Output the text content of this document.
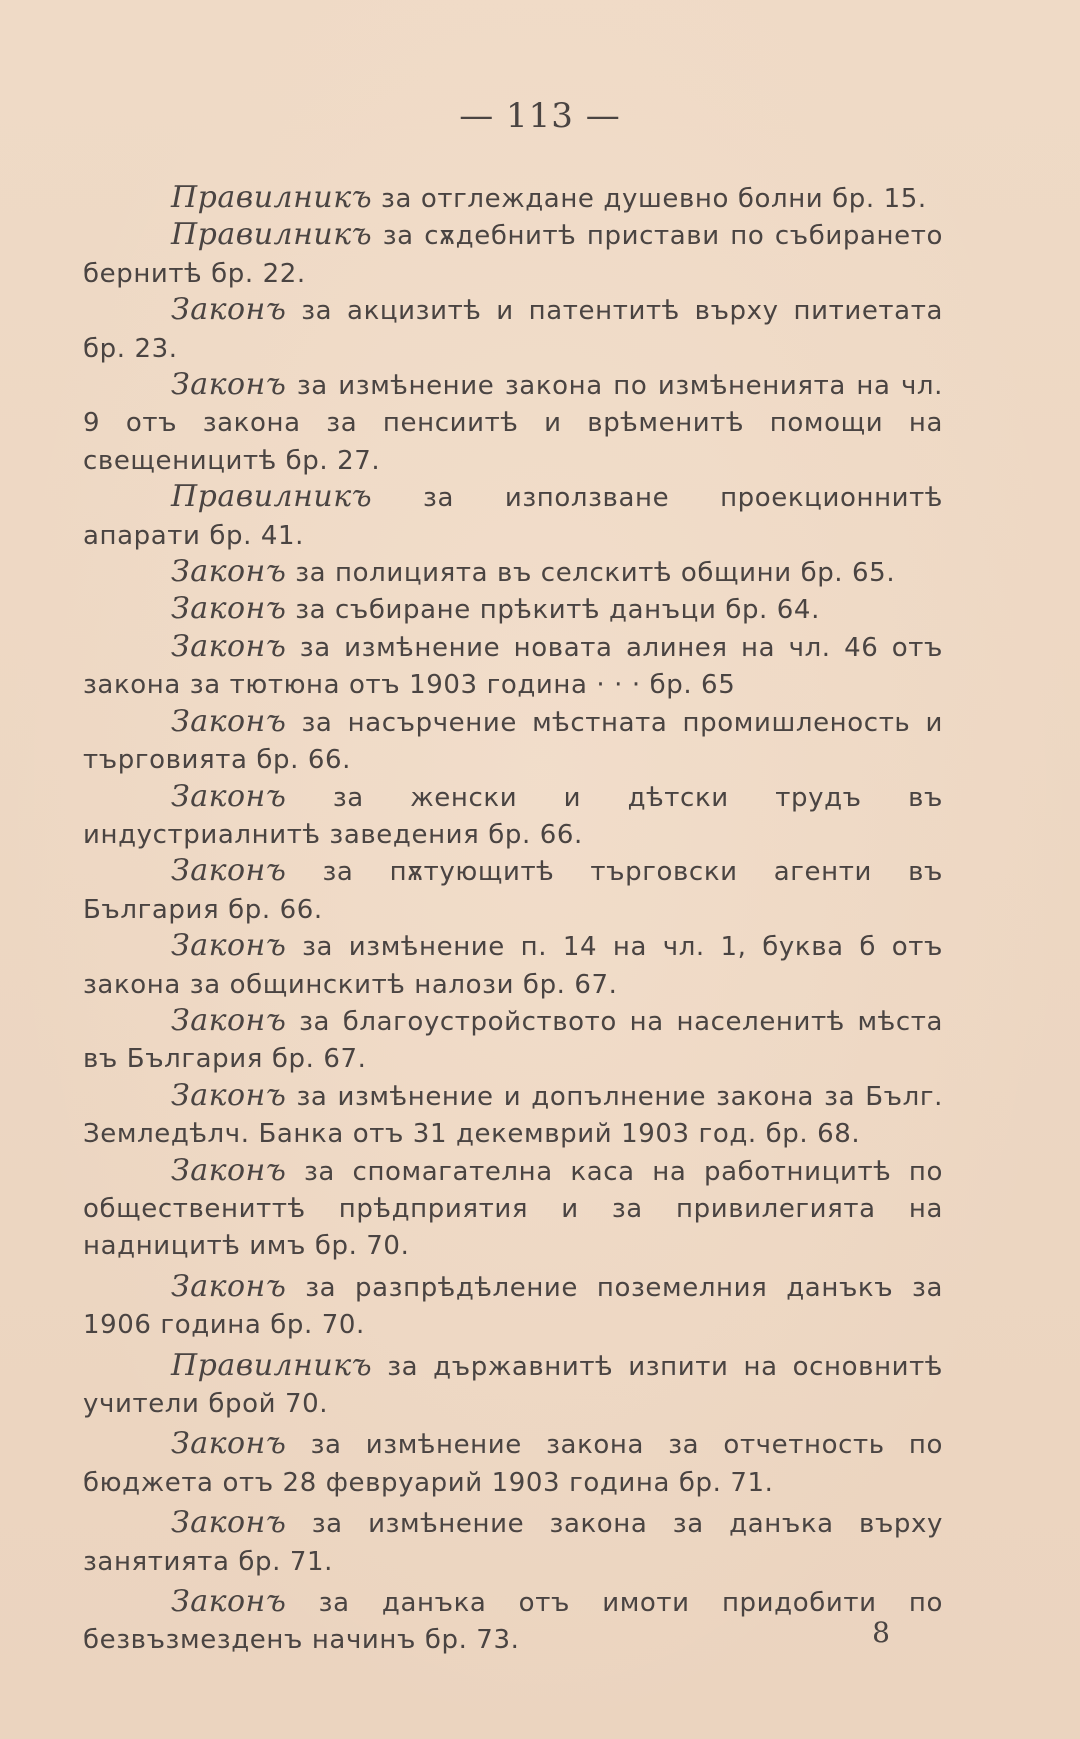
— 113 —

Правилникъ за отглеждане душевно болни бр. 15.

Правилникъ за сѫдебнитѣ пристави по събирането бернитѣ бр. 22.

Законъ за акцизитѣ и патентитѣ върху питиетата бр. 23.

Законъ за измѣнение закона по измѣненията на чл. 9 отъ закона за пенсиитѣ и врѣменитѣ помощи на свещеницитѣ бр. 27.

Правилникъ за използване проекционнитѣ апарати бр. 41.

Законъ за полицията въ селскитѣ общини бр. 65.

Законъ за събиране прѣкитѣ данъци бр. 64.

Законъ за измѣнение новата алинея на чл. 46 отъ закона за тютюна отъ 1903 година · · · бр. 65

Законъ за насърчение мѣстната промишленость и търговията бр. 66.

Законъ за женски и дѣтски трудъ въ индустриалнитѣ заведения бр. 66.

Законъ за пѫтующитѣ търговски агенти въ България бр. 66.

Законъ за измѣнение п. 14 на чл. 1, буква б отъ закона за общинскитѣ налози бр. 67.

Законъ за благоустройството на населенитѣ мѣста въ България бр. 67.

Законъ за измѣнение и допълнение закона за Бълг. Земледѣлч. Банка отъ 31 декемврий 1903 год. бр. 68.

Законъ за спомагателна каса на работницитѣ по обществениттѣ прѣдприятия и за привилегията на надницитѣ имъ бр. 70.

Законъ за разпрѣдѣление поземелния данъкъ за 1906 година бр. 70.

Правилникъ за държавнитѣ изпити на основнитѣ учители брой 70.

Законъ за измѣнение закона за отчетность по бюджета отъ 28 февруарий 1903 година бр. 71.

Законъ за измѣнение закона за данъка върху занятията бр. 71.

Законъ за данъка отъ имоти придобити по безвъзмезденъ начинъ бр. 73.	8
